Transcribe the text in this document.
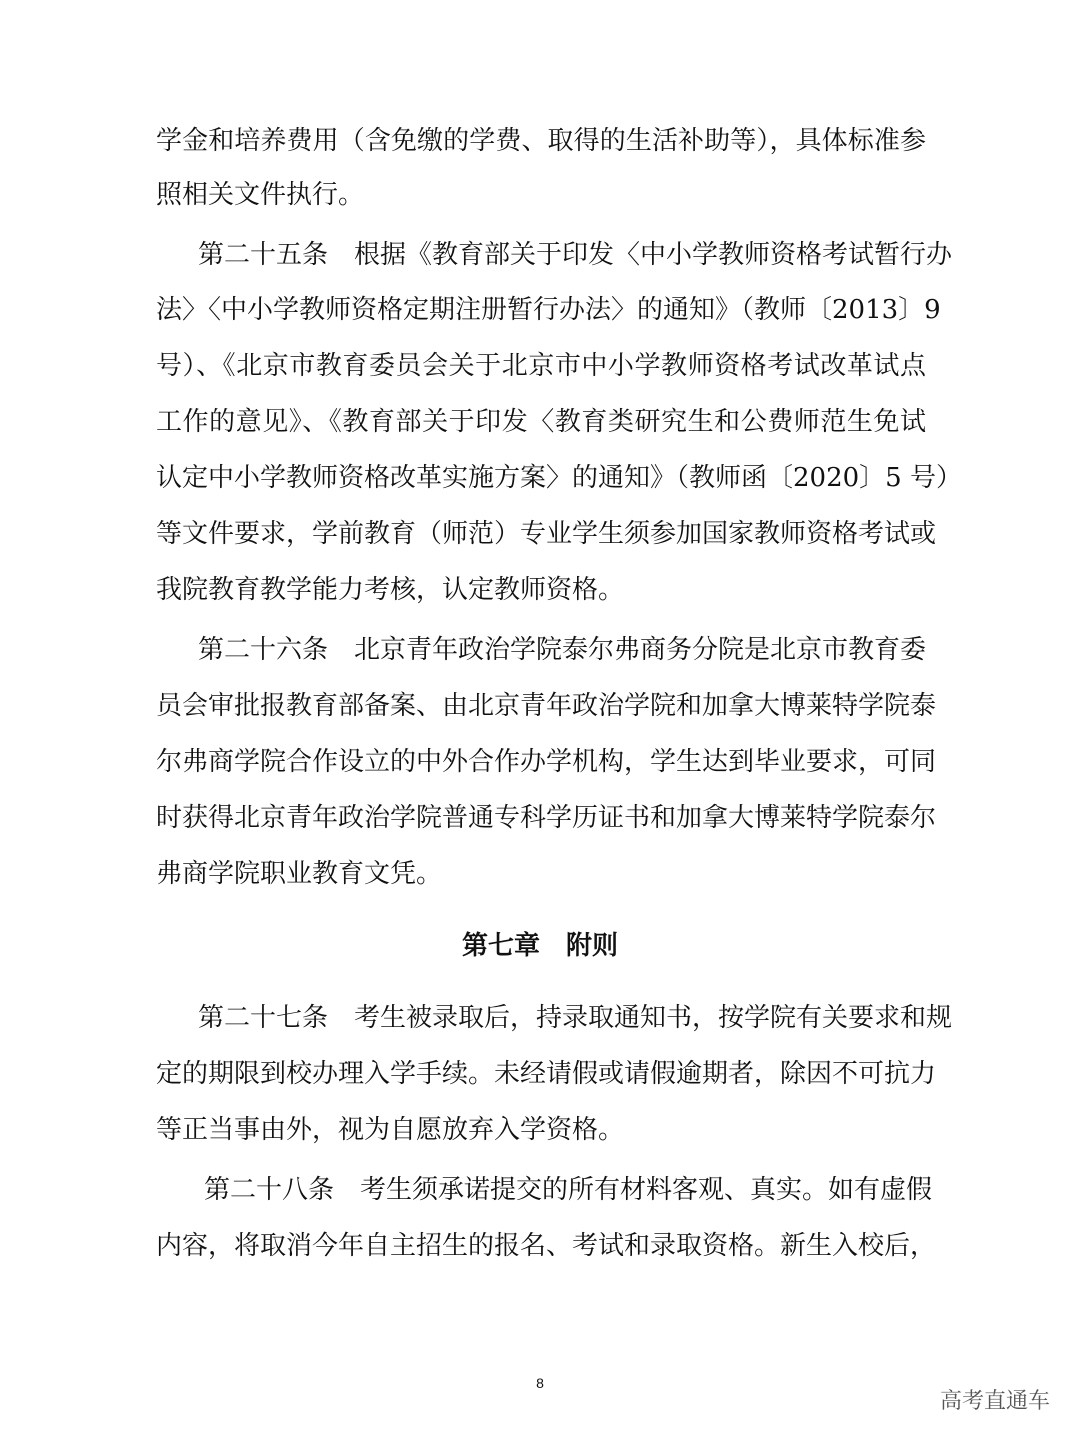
学金和培养费用（含免缴的学费、取得的生活补助等），具体标准参
照相关文件执行。
第二十五条　根据《教育部关于印发〈中小学教师资格考试暂行办
法〉〈中小学教师资格定期注册暂行办法〉的通知》（教师〔2013〕9
号）、《北京市教育委员会关于北京市中小学教师资格考试改革试点
工作的意见》、《教育部关于印发〈教育类研究生和公费师范生免试
认定中小学教师资格改革实施方案〉的通知》（教师函〔2020〕5 号）
等文件要求，学前教育（师范）专业学生须参加国家教师资格考试或
我院教育教学能力考核，认定教师资格。
第二十六条　北京青年政治学院泰尔弗商务分院是北京市教育委
员会审批报教育部备案、由北京青年政治学院和加拿大博莱特学院泰
尔弗商学院合作设立的中外合作办学机构，学生达到毕业要求，可同
时获得北京青年政治学院普通专科学历证书和加拿大博莱特学院泰尔
弗商学院职业教育文凭。
第七章　附则
第二十七条　考生被录取后，持录取通知书，按学院有关要求和规
定的期限到校办理入学手续。未经请假或请假逾期者，除因不可抗力
等正当事由外，视为自愿放弃入学资格。
第二十八条　考生须承诺提交的所有材料客观、真实。如有虚假
内容，将取消今年自主招生的报名、考试和录取资格。新生入校后，
8
高考直通车
